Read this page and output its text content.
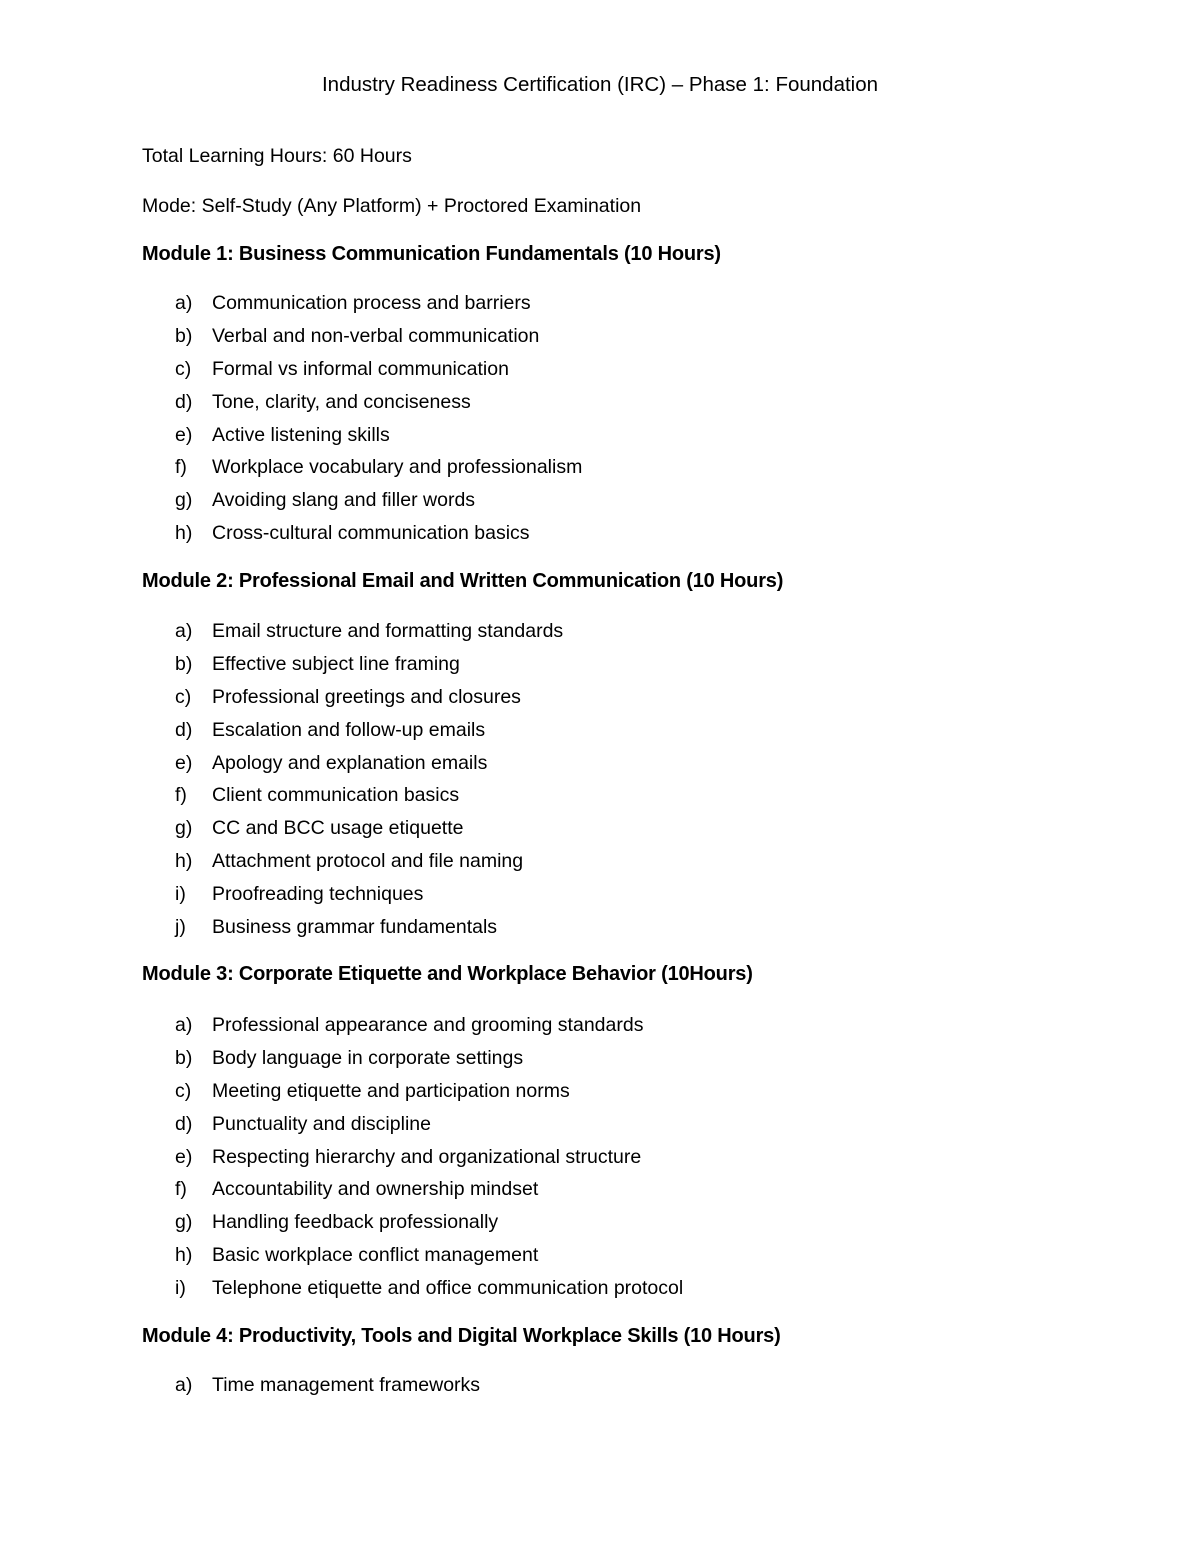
Industry Readiness Certification (IRC) – Phase 1: Foundation
Total Learning Hours: 60 Hours
Mode: Self-Study (Any Platform) + Proctored Examination
Module 1: Business Communication Fundamentals (10 Hours)
a) Communication process and barriers
b) Verbal and non-verbal communication
c) Formal vs informal communication
d) Tone, clarity, and conciseness
e) Active listening skills
f) Workplace vocabulary and professionalism
g) Avoiding slang and filler words
h) Cross-cultural communication basics
Module 2: Professional Email and Written Communication (10 Hours)
a) Email structure and formatting standards
b) Effective subject line framing
c) Professional greetings and closures
d) Escalation and follow-up emails
e) Apology and explanation emails
f) Client communication basics
g) CC and BCC usage etiquette
h) Attachment protocol and file naming
i) Proofreading techniques
j) Business grammar fundamentals
Module 3: Corporate Etiquette and Workplace Behavior (10Hours)
a) Professional appearance and grooming standards
b) Body language in corporate settings
c) Meeting etiquette and participation norms
d) Punctuality and discipline
e) Respecting hierarchy and organizational structure
f) Accountability and ownership mindset
g) Handling feedback professionally
h) Basic workplace conflict management
i) Telephone etiquette and office communication protocol
Module 4: Productivity, Tools and Digital Workplace Skills (10 Hours)
a) Time management frameworks
